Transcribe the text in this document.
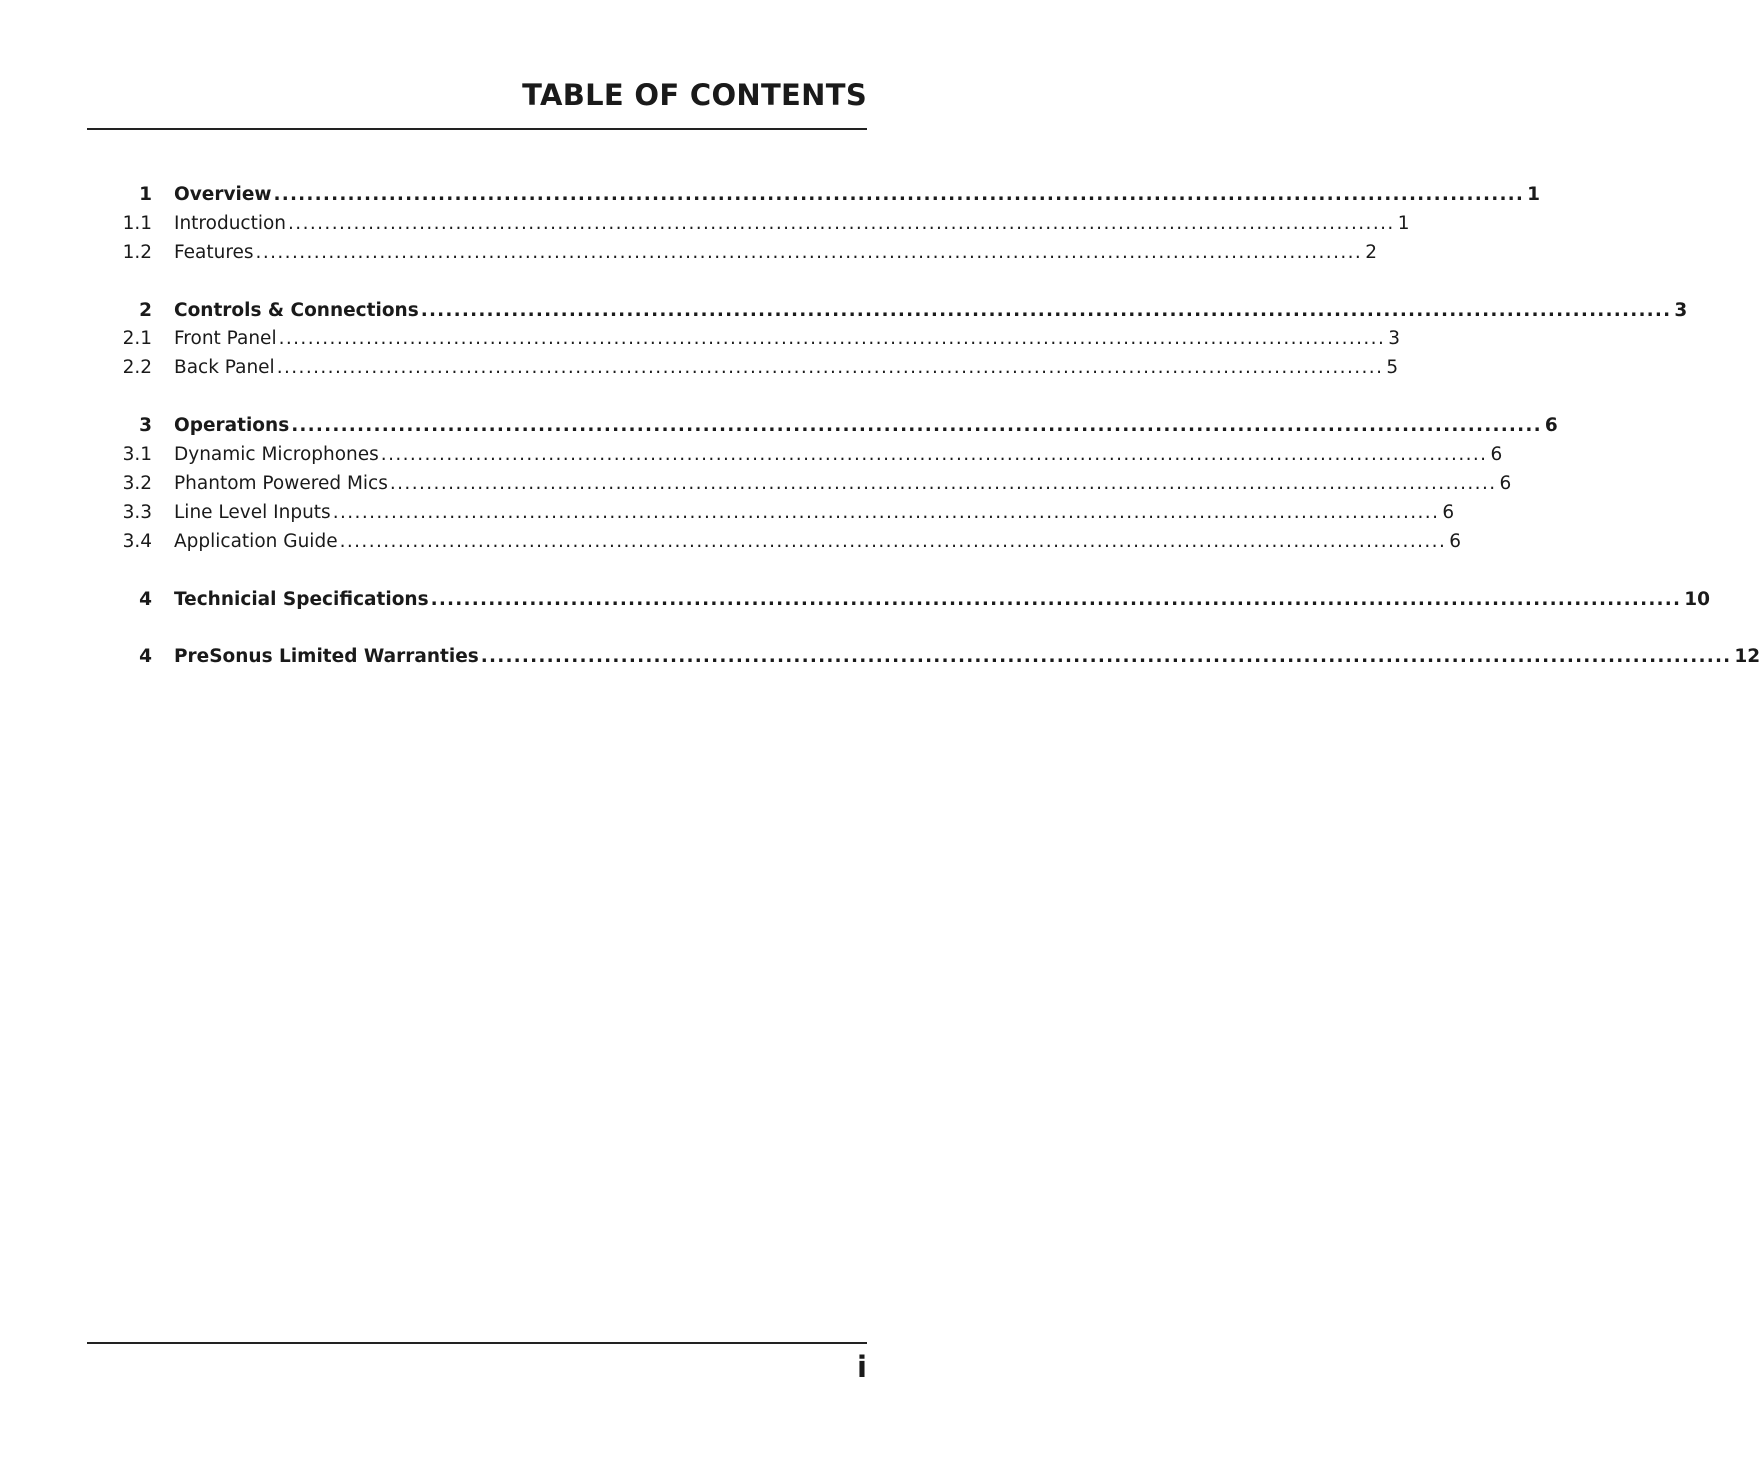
TABLE OF CONTENTS
1 Overview ........................................................................................................................................................ 1
1.1 Introduction ........................................................................................................................................................ 1
1.2 Features ........................................................................................................................................................ 2
2 Controls & Connections ........................................................................................................................................................ 3
2.1 Front Panel ........................................................................................................................................................ 3
2.2 Back Panel ........................................................................................................................................................ 5
3 Operations ........................................................................................................................................................ 6
3.1 Dynamic Microphones ........................................................................................................................................................ 6
3.2 Phantom Powered Mics ........................................................................................................................................................ 6
3.3 Line Level Inputs ........................................................................................................................................................ 6
3.4 Application Guide ........................................................................................................................................................ 6
4 Technicial Specifications ........................................................................................................................................................ 10
4 PreSonus Limited Warranties ........................................................................................................................................................ 12
i
